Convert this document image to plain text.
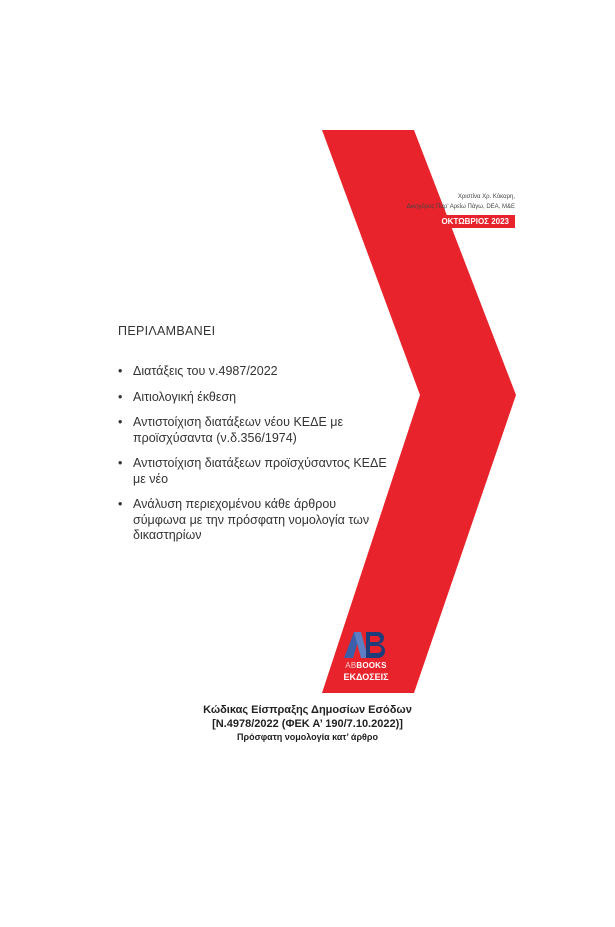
Χριστίνα Χρ. Κόκαρη,
Δικηγόρος Παρ’ Αρείω Πάγω, DEA, M&E
ΟΚΤΩΒΡΙΟΣ 2023
ΠΕΡΙΛΑΜΒΑΝΕΙ
• Διατάξεις του ν.4987/2022
• Αιτιολογική έκθεση
• Αντιστοίχιση διατάξεων νέου ΚΕΔΕ με προϊσχύσαντα (ν.δ.356/1974)
• Αντιστοίχιση διατάξεων προϊσχύσαντος ΚΕΔΕ με νέο
• Ανάλυση περιεχομένου κάθε άρθρου σύμφωνα με την πρόσφατη νομολογία των δικαστηρίων
ABBOOKS
ΕΚΔΟΣΕΙΣ
Κώδικας Είσπραξης Δημοσίων Εσόδων
[Ν.4978/2022 (ΦΕΚ Α’ 190/7.10.2022)]
Πρόσφατη νομολογία κατ’ άρθρο
